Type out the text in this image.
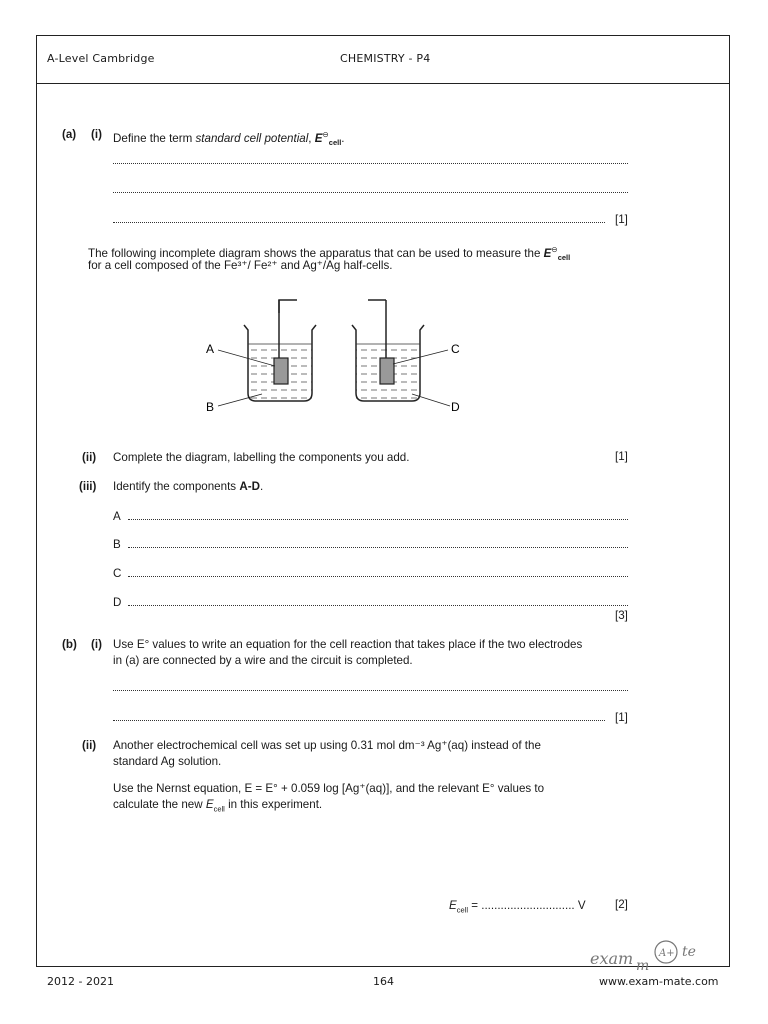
A-Level Cambridge	CHEMISTRY - P4
(a) (i) Define the term standard cell potential, $E^⊖_{cell}$.
[1]
The following incomplete diagram shows the apparatus that can be used to measure the $E^⊖_{cell}$
for a cell composed of the Fe³⁺/ Fe²⁺ and Ag⁺/Ag half-cells.
A
B
C
D
(ii) Complete the diagram, labelling the components you add.	[1]
(iii) Identify the components A-D.
A
B
C
D
[3]
(b) (i) Use E° values to write an equation for the cell reaction that takes place if the two electrodes
in (a) are connected by a wire and the circuit is completed.
[1]
(ii) Another electrochemical cell was set up using 0.31 mol dm⁻³ Ag⁺(aq) instead of the
standard Ag solution.
Use the Nernst equation, E = E° + 0.059 log [Ag⁺(aq)], and the relevant E° values to
calculate the new $E_{cell}$ in this experiment.
$E_{cell}$ = ............................. V	[2]
exam m
A+ te
2012 - 2021	164	www.exam-mate.com
